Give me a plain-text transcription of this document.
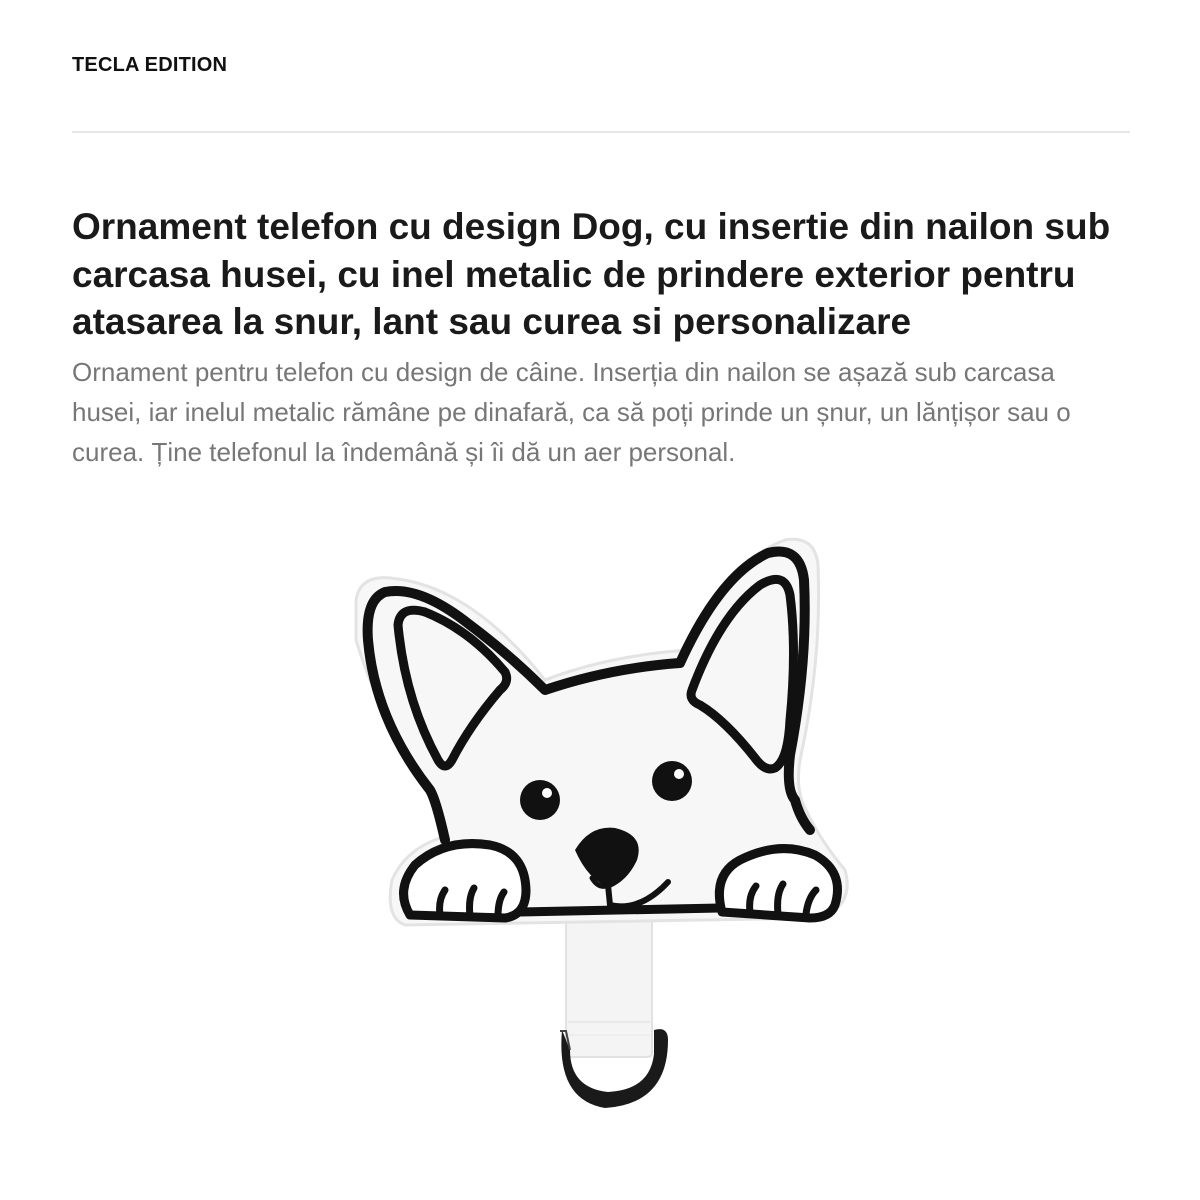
TECLA EDITION
Ornament telefon cu design Dog, cu insertie din nailon sub carcasa husei, cu inel metalic de prindere exterior pentru atasarea la snur, lant sau curea si personalizare

Ornament pentru telefon cu design de câine. Inserția din nailon se așază sub carcasa husei, iar inelul metalic rămâne pe dinafară, ca să poți prinde un șnur, un lănțișor sau o curea. Ține telefonul la îndemână și îi dă un aer personal.
